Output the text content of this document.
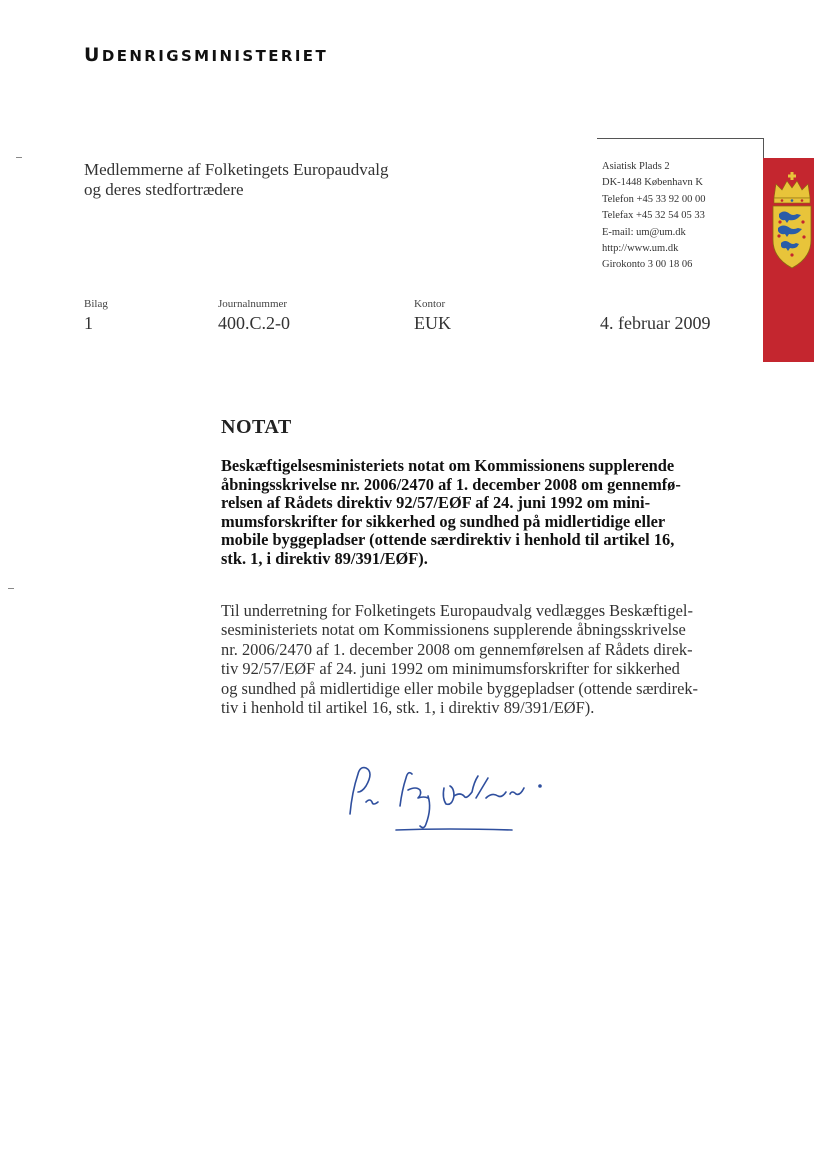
UDENRIGSMINISTERIET
Medlemmerne af Folketingets Europaudvalg
og deres stedfortrædere
Asiatisk Plads 2
DK-1448 København K
Telefon +45 33 92 00 00
Telefax +45 32 54 05 33
E-mail: um@um.dk
http://www.um.dk
Girokonto 3 00 18 06
Bilag
1
Journalnummer
400.C.2-0
Kontor
EUK	4. februar 2009
NOTAT
Beskæftigelsesministeriets notat om Kommissionens supplerende
åbningsskrivelse nr. 2006/2470 af 1. december 2008 om gennemfø-
relsen af Rådets direktiv 92/57/EØF af 24. juni 1992 om mini-
mumsforskrifter for sikkerhed og sundhed på midlertidige eller
mobile byggepladser (ottende særdirektiv i henhold til artikel 16,
stk. 1, i direktiv 89/391/EØF).
Til underretning for Folketingets Europaudvalg vedlægges Beskæftigel-
sesministeriets notat om Kommissionens supplerende åbningsskrivelse
nr. 2006/2470 af 1. december 2008 om gennemførelsen af Rådets direk-
tiv 92/57/EØF af 24. juni 1992 om minimumsforskrifter for sikkerhed
og sundhed på midlertidige eller mobile byggepladser (ottende særdirek-
tiv i henhold til artikel 16, stk. 1, i direktiv 89/391/EØF).
